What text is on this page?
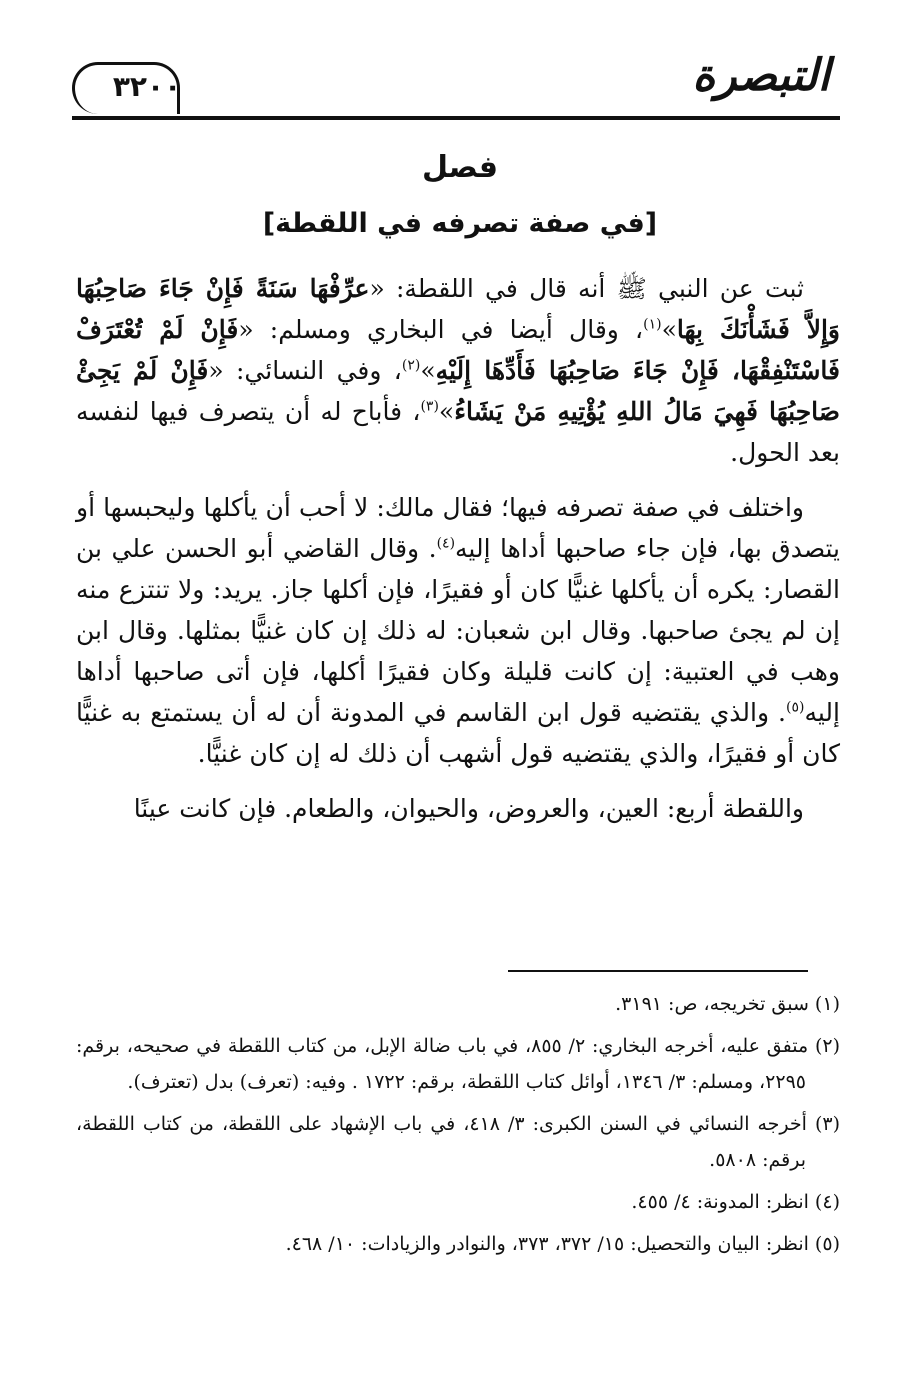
٣٢٠٠	التبصرة
فصل
[في صفة تصرفه في اللقطة]

ثبت عن النبي ﷺ أنه قال في اللقطة: «عرِّفْهَا سَنَةً فَإِنْ جَاءَ صَاحِبُهَا وَإِلاَّ فَشَأْنَكَ بِهَا»$^{(١)}$، وقال أيضا في البخاري ومسلم: «فَإِنْ لَمْ تُعْتَرَفْ فَاسْتَنْفِقْهَا، فَإِنْ جَاءَ صَاحِبُهَا فَأَدِّهَا إِلَيْهِ»$^{(٢)}$، وفي النسائي: «فَإِنْ لَمْ يَجِئْ صَاحِبُهَا فَهِيَ مَالُ اللهِ يُؤْتِيهِ مَنْ يَشَاءُ»$^{(٣)}$، فأباح له أن يتصرف فيها لنفسه بعد الحول.

واختلف في صفة تصرفه فيها؛ فقال مالك: لا أحب أن يأكلها وليحبسها أو يتصدق بها، فإن جاء صاحبها أداها إليه$^{(٤)}$. وقال القاضي أبو الحسن علي بن القصار: يكره أن يأكلها غنيًّا كان أو فقيرًا، فإن أكلها جاز. يريد: ولا تنتزع منه إن لم يجئ صاحبها. وقال ابن شعبان: له ذلك إن كان غنيًّا بمثلها. وقال ابن وهب في العتبية: إن كانت قليلة وكان فقيرًا أكلها، فإن أتى صاحبها أداها إليه$^{(٥)}$. والذي يقتضيه قول ابن القاسم في المدونة أن له أن يستمتع به غنيًّا كان أو فقيرًا، والذي يقتضيه قول أشهب أن ذلك له إن كان غنيًّا.

واللقطة أربع: العين، والعروض، والحيوان، والطعام. فإن كانت عينًا

(١) سبق تخريجه، ص: ٣١٩١.
(٢) متفق عليه، أخرجه البخاري: ٢/ ٨٥٥، في باب ضالة الإبل، من كتاب اللقطة في صحيحه، برقم: ٢٢٩٥، ومسلم: ٣/ ١٣٤٦، أوائل كتاب اللقطة، برقم: ١٧٢٢ . وفيه: (تعرف) بدل (تعترف).
(٣) أخرجه النسائي في السنن الكبرى: ٣/ ٤١٨، في باب الإشهاد على اللقطة، من كتاب اللقطة، برقم: ٥٨٠٨.
(٤) انظر: المدونة: ٤/ ٤٥٥.
(٥) انظر: البيان والتحصيل: ١٥/ ٣٧٢، ٣٧٣، والنوادر والزيادات: ١٠/ ٤٦٨.
